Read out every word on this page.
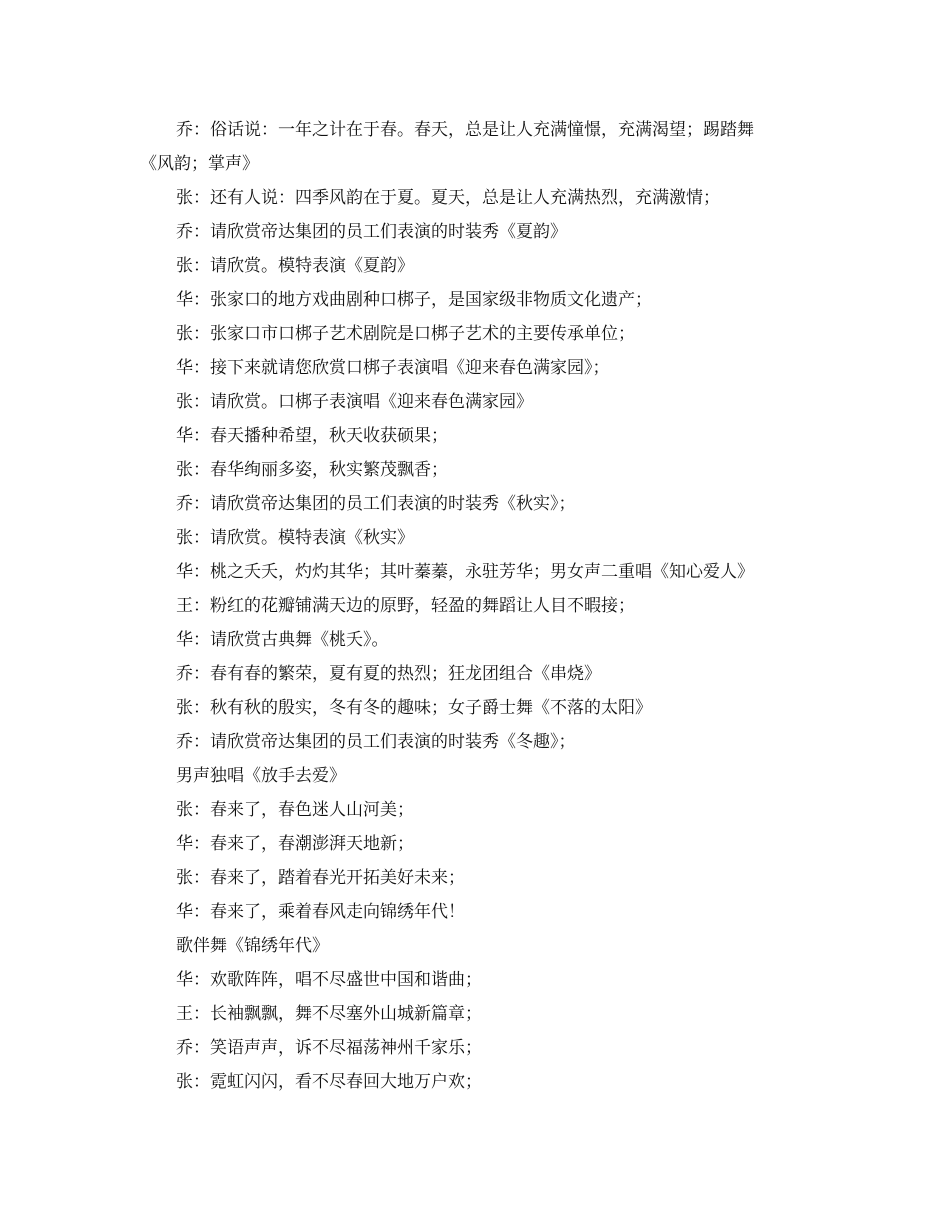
乔：俗话说：一年之计在于春。春天，总是让人充满憧憬，充满渴望；踢踏舞
《风韵；掌声》
张：还有人说：四季风韵在于夏。夏天，总是让人充满热烈，充满激情；
乔：请欣赏帝达集团的员工们表演的时装秀《夏韵》
张：请欣赏。模特表演《夏韵》
华：张家口的地方戏曲剧种口梆子，是国家级非物质文化遗产；
张：张家口市口梆子艺术剧院是口梆子艺术的主要传承单位；
华：接下来就请您欣赏口梆子表演唱《迎来春色满家园》；
张：请欣赏。口梆子表演唱《迎来春色满家园》
华：春天播种希望，秋天收获硕果；
张：春华绚丽多姿，秋实繁茂飘香；
乔：请欣赏帝达集团的员工们表演的时装秀《秋实》；
张：请欣赏。模特表演《秋实》
华：桃之夭夭，灼灼其华；其叶蓁蓁，永驻芳华；男女声二重唱《知心爱人》
王：粉红的花瓣铺满天边的原野，轻盈的舞蹈让人目不暇接；
华：请欣赏古典舞《桃夭》。
乔：春有春的繁荣，夏有夏的热烈；狂龙团组合《串烧》
张：秋有秋的殷实，冬有冬的趣味；女子爵士舞《不落的太阳》
乔：请欣赏帝达集团的员工们表演的时装秀《冬趣》；
男声独唱《放手去爱》
张：春来了，春色迷人山河美；
华：春来了，春潮澎湃天地新；
张：春来了，踏着春光开拓美好未来；
华：春来了，乘着春风走向锦绣年代！
歌伴舞《锦绣年代》
华：欢歌阵阵，唱不尽盛世中国和谐曲；
王：长袖飘飘，舞不尽塞外山城新篇章；
乔：笑语声声，诉不尽福荡神州千家乐；
张：霓虹闪闪，看不尽春回大地万户欢；
